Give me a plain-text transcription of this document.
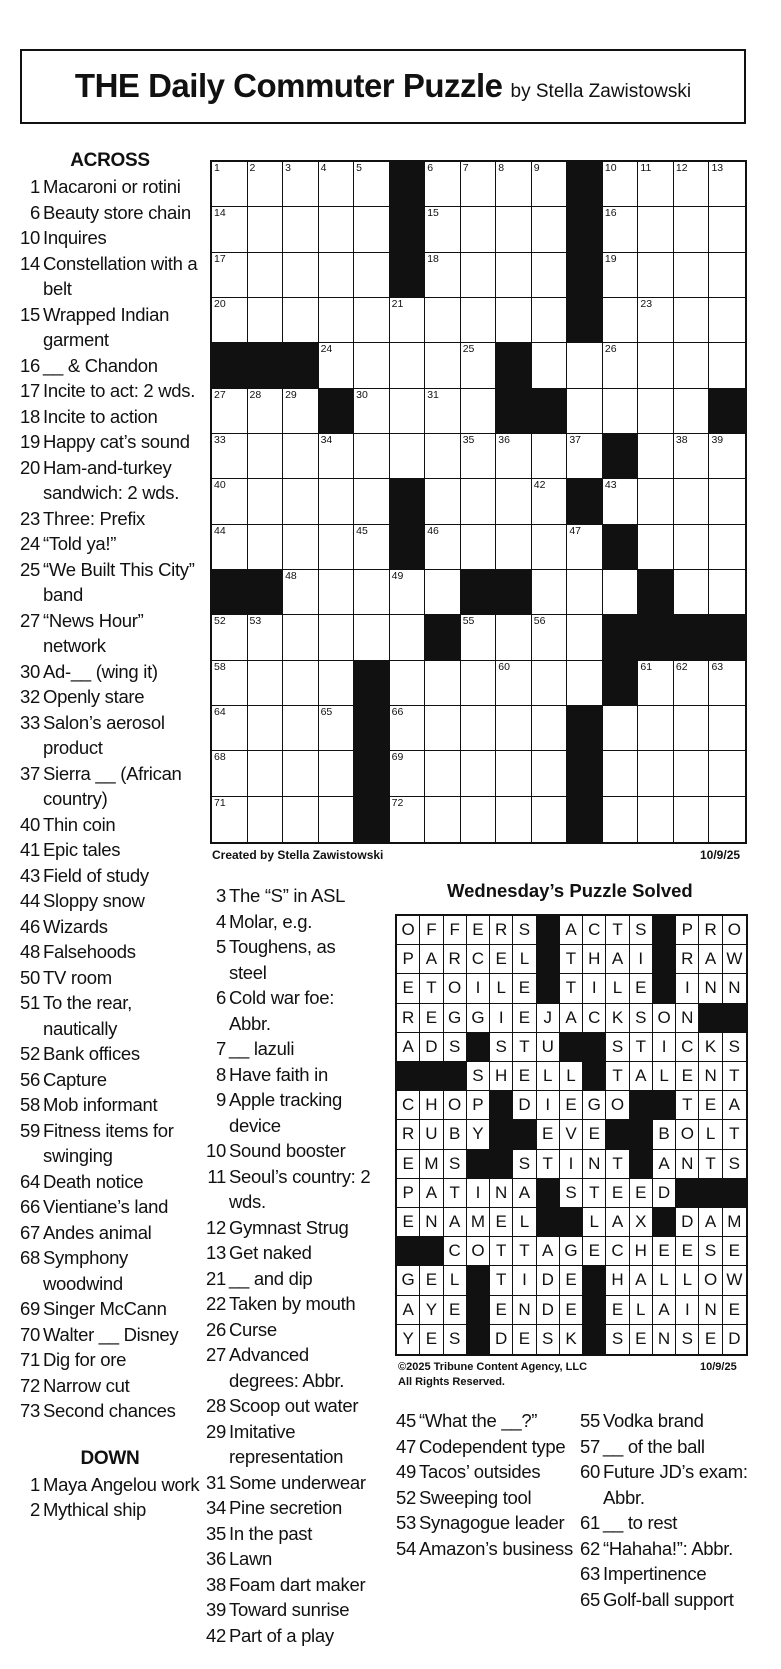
THE Daily Commuter Puzzle by Stella Zawistowski
ACROSS
1 Macaroni or rotini
6 Beauty store chain
10 Inquires
14 Constellation with a belt
15 Wrapped Indian garment
16 __ & Chandon
17 Incite to act: 2 wds.
18 Incite to action
19 Happy cat’s sound
20 Ham-and-turkey sandwich: 2 wds.
23 Three: Prefix
24 “Told ya!”
25 “We Built This City” band
27 “News Hour” network
30 Ad-__ (wing it)
32 Openly stare
33 Salon’s aerosol product
37 Sierra __ (African country)
40 Thin coin
41 Epic tales
43 Field of study
44 Sloppy snow
46 Wizards
48 Falsehoods
50 TV room
51 To the rear, nautically
52 Bank offices
56 Capture
58 Mob informant
59 Fitness items for swinging
64 Death notice
66 Vientiane’s land
67 Andes animal
68 Symphony woodwind
69 Singer McCann
70 Walter __ Disney
71 Dig for ore
72 Narrow cut
73 Second chances
DOWN
1 Maya Angelou work
2 Mythical ship
1	2	3	4	5	6	7	8	9	10 11 12 13
14	15	16
17	18	19
20	21	23
24	25	26
27 28 29	30	31
33	34	35 36	37	38 39
40	42	43
44	45	46	47
48	49
52 53	55	56
58	60	61 62 63
64	65	66
68	69
71	72
Created by Stella Zawistowski	10/9/25
3 The “S” in ASL
4 Molar, e.g.
5 Toughens, as steel
6 Cold war foe: Abbr.
7 __ lazuli
8 Have faith in
9 Apple tracking device
10 Sound booster
11 Seoul’s country: 2 wds.
12 Gymnast Strug
13 Get naked
21 __ and dip
22 Taken by mouth
26 Curse
27 Advanced degrees: Abbr.
28 Scoop out water
29 Imitative representation
31 Some underwear
34 Pine secretion
35 In the past
36 Lawn
38 Foam dart maker
39 Toward sunrise
42 Part of a play
Wednesday’s Puzzle Solved
O F F E R S	A C T S	P R O
P A R C E L	T H A I	R A W
E T O I L E	T I L E	I N N
R E G G I E J A C K S O N
A D S	S T U	S T I C K S
S H E L L	T A L E N T
C H O P	D I E G O	T E A
R U B Y	E V E	B O L T
E M S	S T I N T	A N T S
P A T I N A	S T E E D
E N A M E L	L A X	D A M
C O T T A G E C H E E S E
G E L	T I D E	H A L L O W
A Y E	E N D E	E L A I N E
Y E S	D E S K	S E N S E D
©2025 Tribune Content Agency, LLC
All Rights Reserved.
10/9/25
45 “What the __?”
47 Codependent type
49 Tacos’ outsides
52 Sweeping tool
53 Synagogue leader
54 Amazon’s business
55 Vodka brand
57 __ of the ball
60 Future JD’s exam: Abbr.
61 __ to rest
62 “Hahaha!”: Abbr.
63 Impertinence
65 Golf-ball support
